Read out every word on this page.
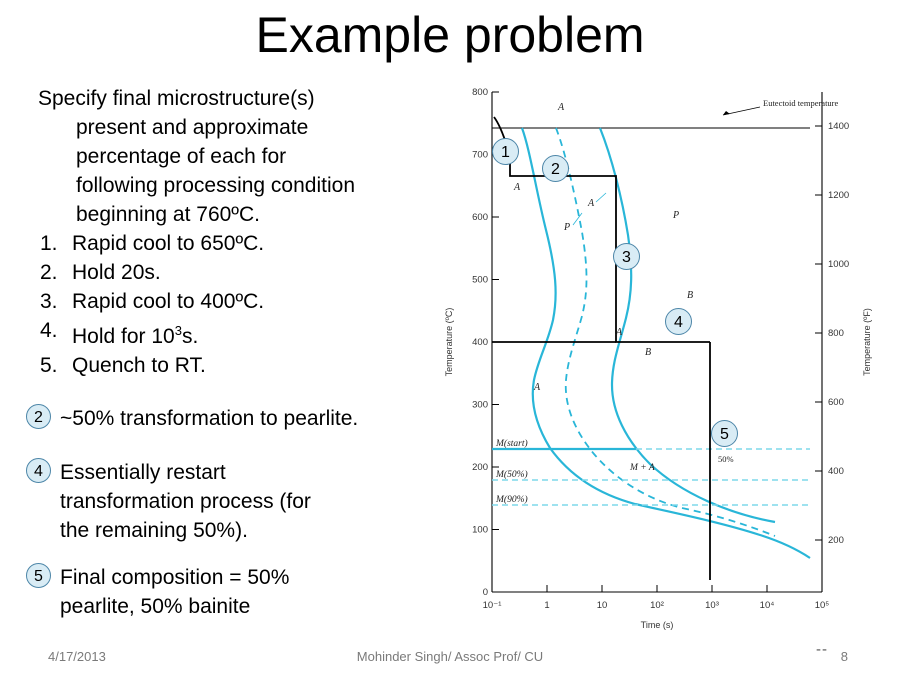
Example problem
Specify final microstructure(s)
present and approximate
percentage of each for
following processing condition
beginning at 760ºC.
1. Rapid cool to 650ºC.
2. Hold 20s.
3. Rapid cool to 400ºC.
4. Hold for $10^3s$.
5. Quench to RT.
2 ~50% transformation to pearlite.
4 Essentially restart
transformation process (for
the remaining 50%).
5 Final composition = 50%
pearlite, 50% bainite
800
700
600
500
400
300
200
100
0
1400
1200
1000
800
600
400
200
10⁻¹	1	10	10²	10³	10⁴	10⁵
Time (s)
Temperature (ºC)	Temperature (ºF)
Eutectoid temperature
M(start)
M(50%)
M(90%)
A
A
P
A
B
A
B
P
A
M + A
50%
1
2
3
4
5
4/17/2013	Mohinder Singh/ Assoc Prof/ CU	-- 8
